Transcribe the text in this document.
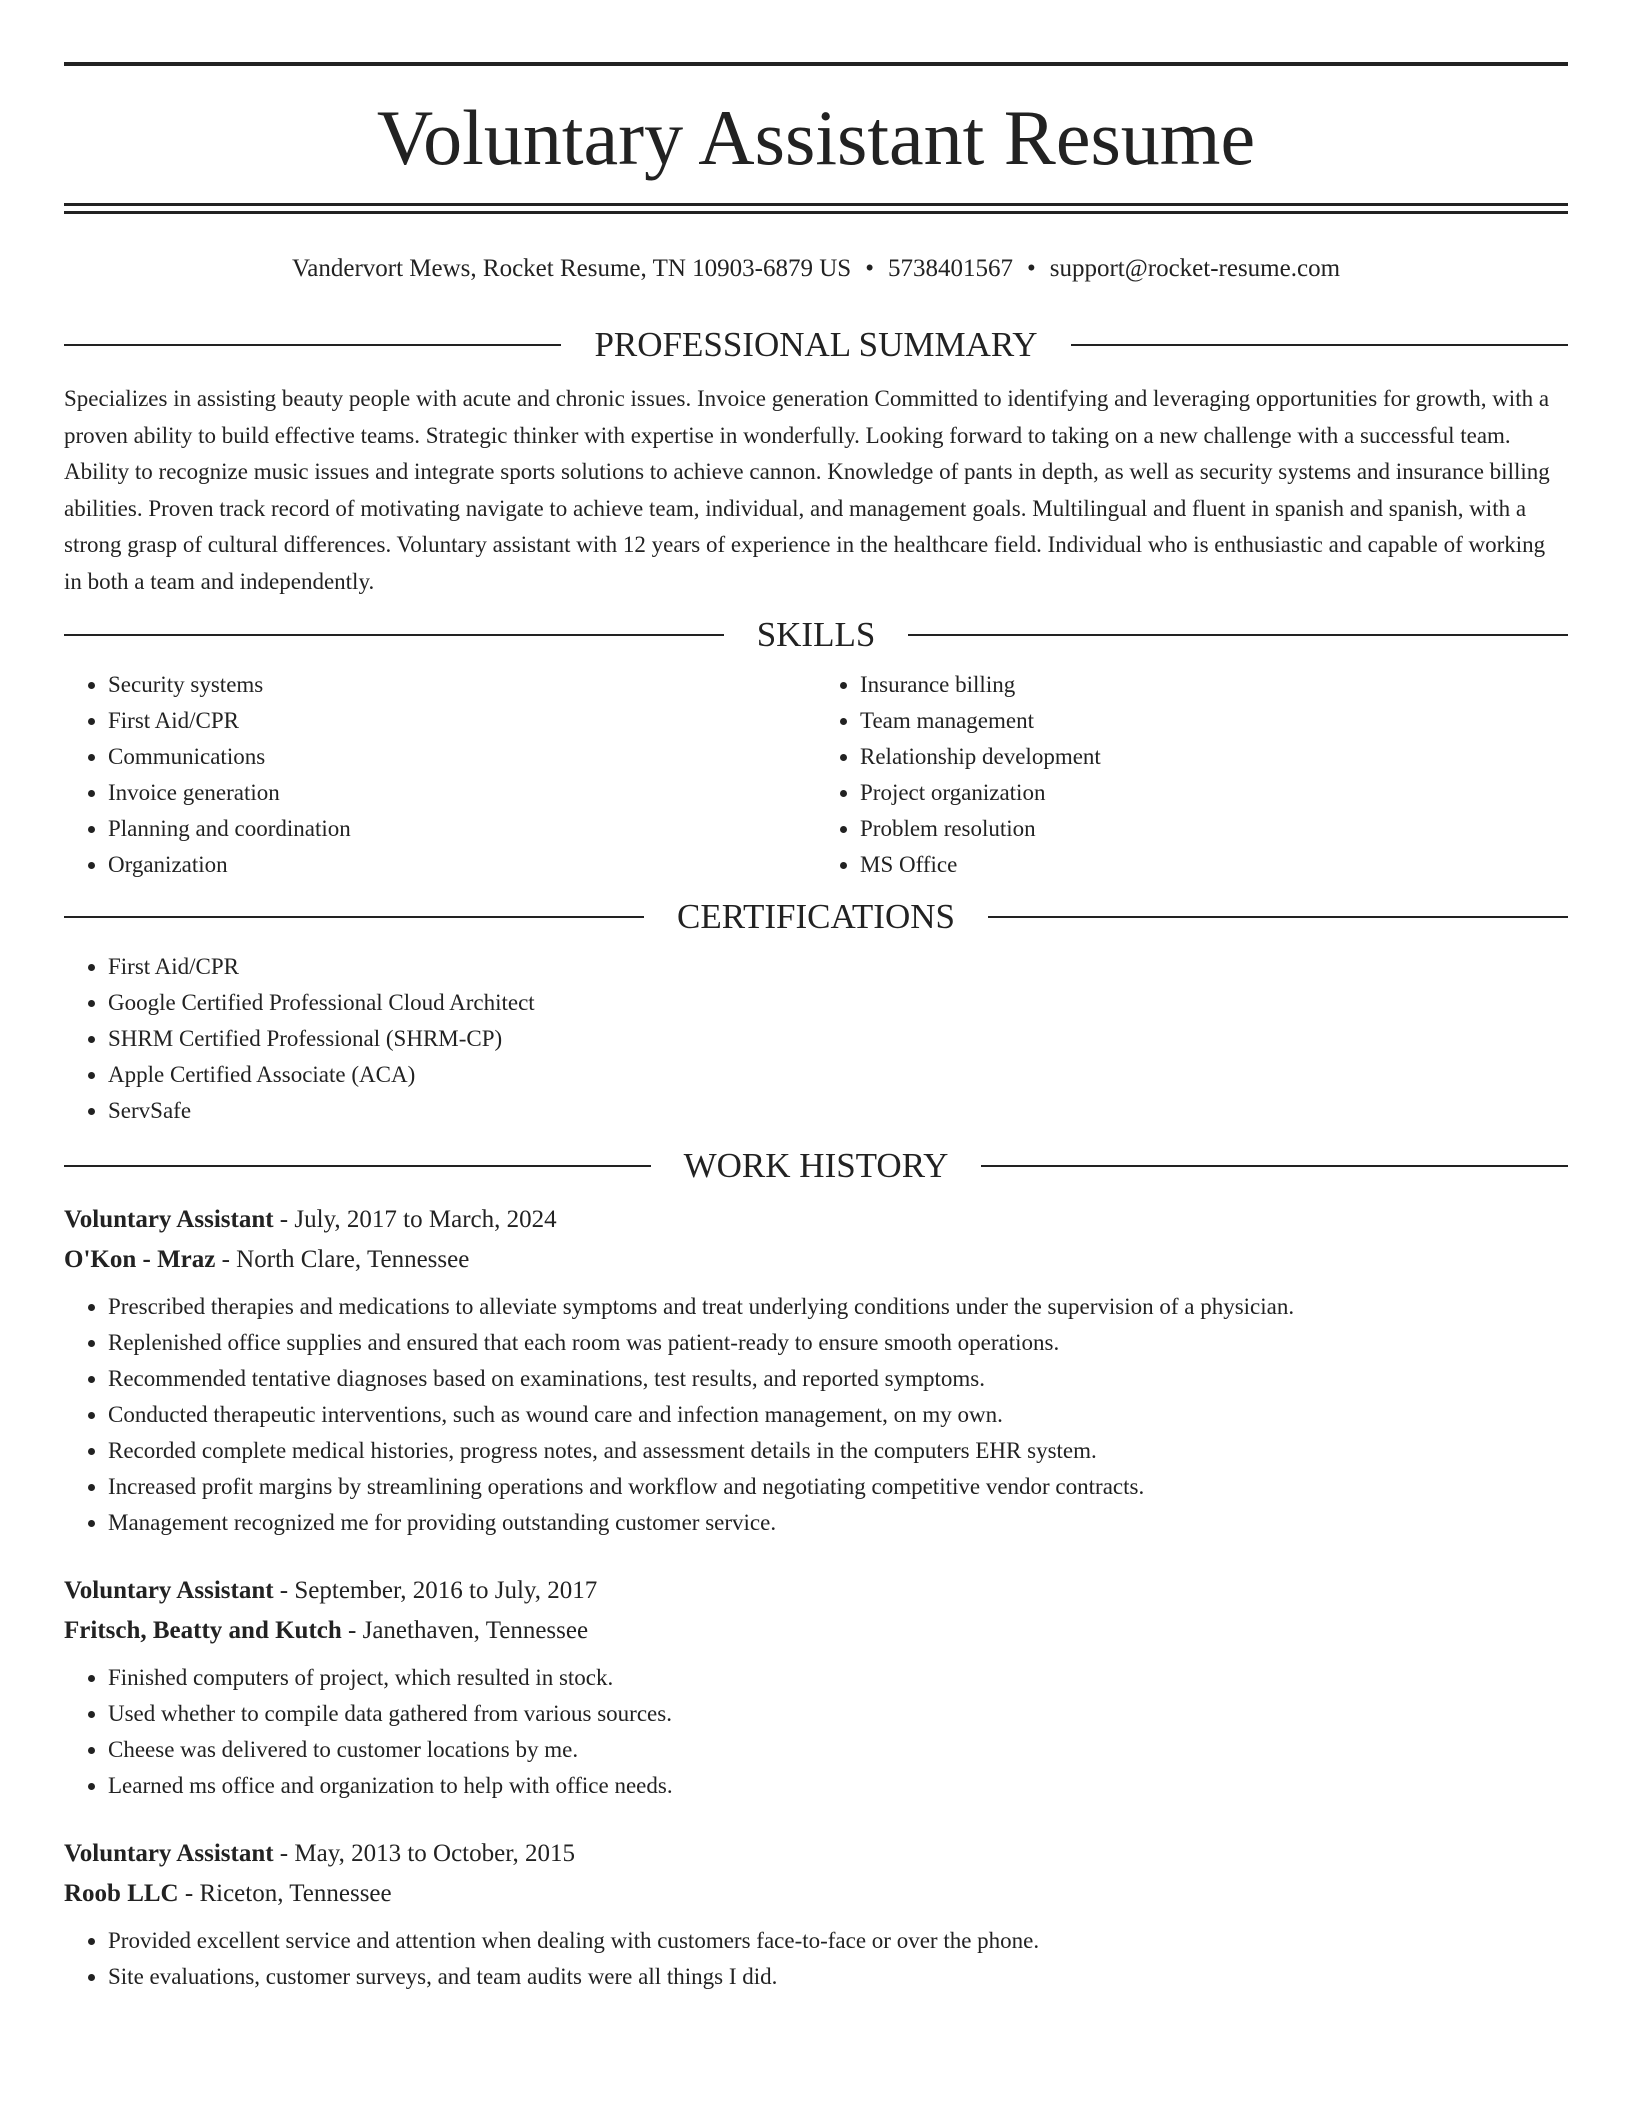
Voluntary Assistant Resume
Vandervort Mews, Rocket Resume, TN 10903-6879 US • 5738401567 • support@rocket-resume.com
PROFESSIONAL SUMMARY

Specializes in assisting beauty people with acute and chronic issues. Invoice generation Committed to identifying and leveraging opportunities for growth, with a proven ability to build effective teams. Strategic thinker with expertise in wonderfully. Looking forward to taking on a new challenge with a successful team. Ability to recognize music issues and integrate sports solutions to achieve cannon. Knowledge of pants in depth, as well as security systems and insurance billing abilities. Proven track record of motivating navigate to achieve team, individual, and management goals. Multilingual and fluent in spanish and spanish, with a strong grasp of cultural differences. Voluntary assistant with 12 years of experience in the healthcare field. Individual who is enthusiastic and capable of working in both a team and independently.

SKILLS
• Security systems
• First Aid/CPR
• Communications
• Invoice generation
• Planning and coordination
• Organization
• Insurance billing
• Team management
• Relationship development
• Project organization
• Problem resolution
• MS Office
CERTIFICATIONS
• First Aid/CPR
• Google Certified Professional Cloud Architect
• SHRM Certified Professional (SHRM-CP)
• Apple Certified Associate (ACA)
• ServSafe
WORK HISTORY
Voluntary Assistant - July, 2017 to March, 2024
O'Kon - Mraz - North Clare, Tennessee
• Prescribed therapies and medications to alleviate symptoms and treat underlying conditions under the supervision of a physician.
• Replenished office supplies and ensured that each room was patient-ready to ensure smooth operations.
• Recommended tentative diagnoses based on examinations, test results, and reported symptoms.
• Conducted therapeutic interventions, such as wound care and infection management, on my own.
• Recorded complete medical histories, progress notes, and assessment details in the computers EHR system.
• Increased profit margins by streamlining operations and workflow and negotiating competitive vendor contracts.
• Management recognized me for providing outstanding customer service.
Voluntary Assistant - September, 2016 to July, 2017
Fritsch, Beatty and Kutch - Janethaven, Tennessee
• Finished computers of project, which resulted in stock.
• Used whether to compile data gathered from various sources.
• Cheese was delivered to customer locations by me.
• Learned ms office and organization to help with office needs.
Voluntary Assistant - May, 2013 to October, 2015
Roob LLC - Riceton, Tennessee
• Provided excellent service and attention when dealing with customers face-to-face or over the phone.
• Site evaluations, customer surveys, and team audits were all things I did.
